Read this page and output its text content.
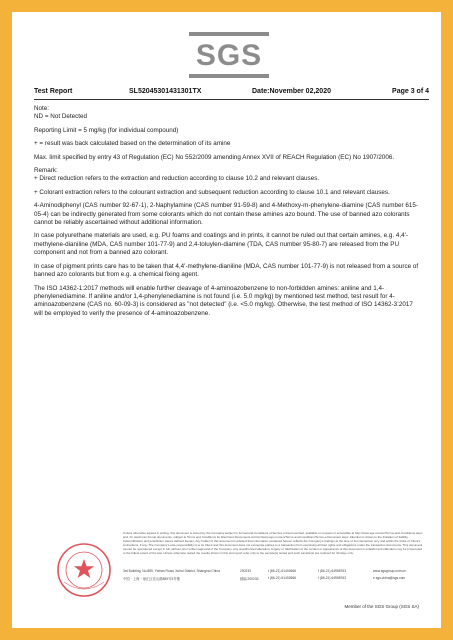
SGS
Test Report	SL52045301431301TX	Date:November 02,2020	Page 3 of 4

Note:
ND = Not Detected

Reporting Limit = 5 mg/kg (for individual compound)

+ = result was back calculated based on the determination of its amine

Max. limit specified by entry 43 of Regulation (EC) No 552/2009 amending Annex XVII of REACH Regulation (EC) No 1907/2006.

Remark:
+ Direct reduction refers to the extraction and reduction according to clause 10.2 and relevant clauses.

+ Colorant extraction refers to the colourant extraction and subsequent reduction according to clause 10.1 and relevant clauses.

4-Aminodiphenyl (CAS number 92-67-1), 2-Naphylamine (CAS number 91-59-8) and 4-Methoxy-m-phenylene-diamine (CAS number 615-05-4) can be indirectly generated from some colorants which do not contain these amines azo bound. The use of banned azo colorants cannot be reliably ascertained without additional information.

In case polyurethane materials are used, e.g. PU foams and coatings and in prints, it cannot be ruled out that certain amines, e.g. 4,4'-methylene-dianiline (MDA, CAS number 101-77-9) and 2,4-toluylen-diamine (TDA, CAS number 95-80-7) are released from the PU component and not from a banned azo colorant.

In case of pigment prints care has to be taken that 4,4'-methylene-dianiline (MDA, CAS number 101-77-9) is not released from a source of banned azo colorants but from e.g. a chemical fixing agent.

The ISO 14362-1:2017 methods will enable further cleavage of 4-aminoazobenzene to non-forbidden amines: aniline and 1,4-phenylenediamine. If aniline and/or 1,4-phenylenediamine is not found (i.e. 5.0 mg/kg) by mentioned test method, test result for 4-aminoazobenzene (CAS no. 60-09-3) is considered as "not detected" (i.e. <5.0 mg/kg). Otherwise, the test method of ISO 14362-3:2017 will be employed to verify the presence of 4-aminoazobenzene.

Unless otherwise agreed in writing, this document is issued by the Company subject to its General Conditions of Service printed overleaf, available on request or accessible at http://www.sgs.com/en/Terms-and-Conditions.aspx and, for electronic format documents, subject to Terms and Conditions for Electronic Documents at http://www.sgs.com/en/Terms-and-Conditions/Terms-e-Document.aspx. Attention is drawn to the limitation of liability, indemnification and jurisdiction issues defined therein. Any holder of this document is advised that information contained hereon reflects the Company's findings at the time of its intervention only and within the limits of Client's instructions, if any. The Company's sole responsibility is to its Client and this document does not exonerate parties to a transaction from exercising all their rights and obligations under the transaction documents. This document cannot be reproduced except in full, without prior written approval of the Company. Any unauthorized alteration, forgery or falsification of the content or appearance of this document is unlawful and offenders may be prosecuted to the fullest extent of the law. Unless otherwise stated the results shown in this test report refer only to the sample(s) tested and such sample(s) are retained for 30 days only.
3rd Building, No.889, Yishan Road, Xuhui District, Shanghai China	200233	t (86-21) 61402666	f (86-21) 64958763	www.sgsgroup.com.cn
中国・上海・徐汇区宜山路889号3号楼	邮编:200233	t (86-21) 61402666	f (86-21) 64958763	e sgs.china@sgs.com
Member of the SGS Group (SGS SA)
